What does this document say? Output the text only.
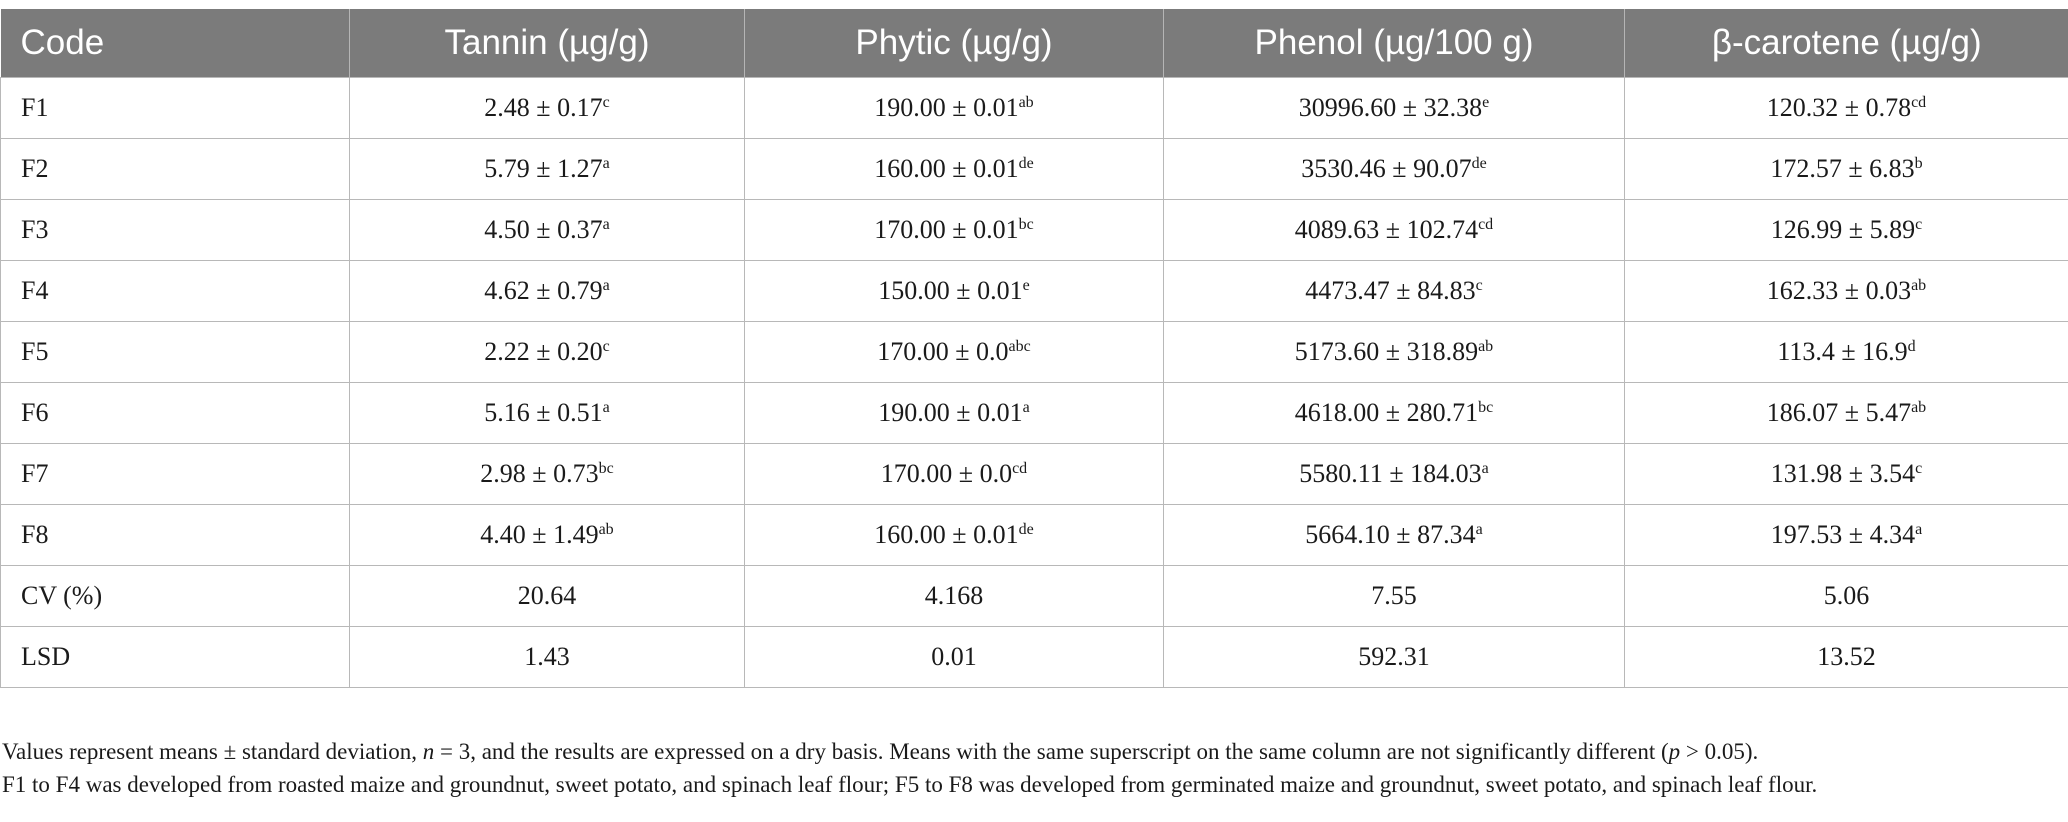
Code	Tannin (µg/g)	Phytic (µg/g)	Phenol (µg/100 g)	β-carotene (µg/g)
F1	2.48 ± 0.17$^c$	190.00 ± 0.01$^{ab}$	30996.60 ± 32.38$^e$	120.32 ± 0.78$^{cd}$
F2	5.79 ± 1.27$^a$	160.00 ± 0.01de	3530.46 ± 90.07de	172.57 ± 6.83$^b$
F3	4.50 ± 0.37$^a$	170.00 ± 0.01$^{bc}$	4089.63 ± 102.74$^{cd}$	126.99 ± 5.89$^c$
F4	4.62 ± 0.79$^a$	150.00 ± 0.01$^e$	4473.47 ± 84.83$^c$	162.33 ± 0.03$^{ab}$
F5	2.22 ± 0.20$^c$	170.00 ± 0.0$^{abc}$	5173.60 ± 318.89$^{ab}$	113.4 ± 16.9$^d$
F6	5.16 ± 0.51$^a$	190.00 ± 0.01$^a$	4618.00 ± 280.71$^{bc}$	186.07 ± 5.47$^{ab}$
F7	2.98 ± 0.73$^{bc}$	170.00 ± 0.0$^{cd}$	5580.11 ± 184.03$^a$	131.98 ± 3.54$^c$
F8	4.40 ± 1.49$^{ab}$	160.00 ± 0.01de	5664.10 ± 87.34$^a$	197.53 ± 4.34$^a$
CV (%)	20.64	4.168	7.55	5.06
LSD	1.43	0.01	592.31	13.52

Values represent means ± standard deviation, n = 3, and the results are expressed on a dry basis. Means with the same superscript on the same column are not significantly different (p > 0.05).

F1 to F4 was developed from roasted maize and groundnut, sweet potato, and spinach leaf flour; F5 to F8 was developed from germinated maize and groundnut, sweet potato, and spinach leaf flour.
